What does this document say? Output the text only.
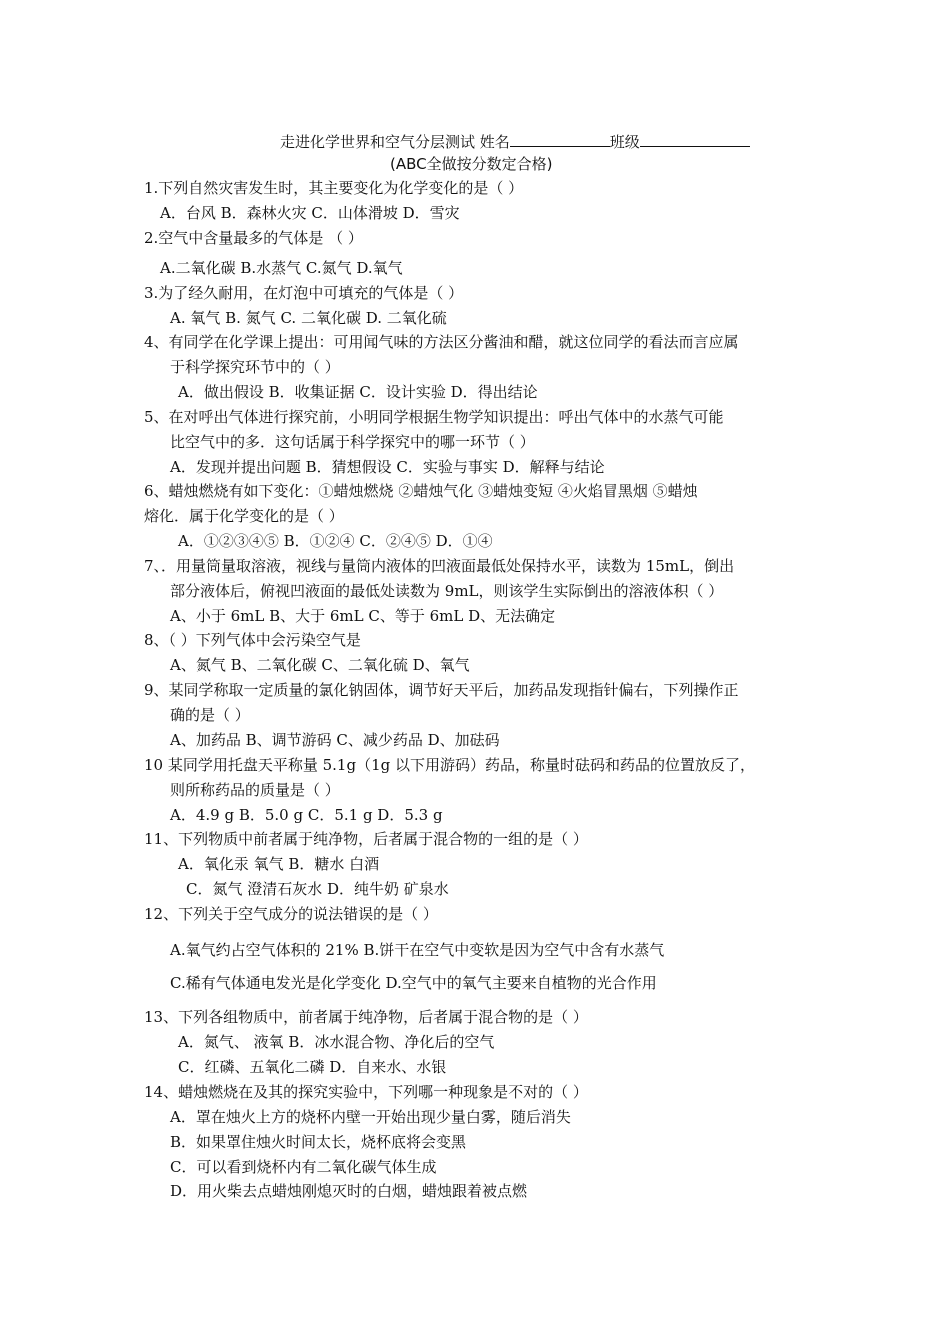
走进化学世界和空气分层测试 姓名	班级
(ABC全做按分数定合格)
1.下列自然灾害发生时，其主要变化为化学变化的是（ ）
A．台风 B．森林火灾 C．山体滑坡 D．雪灾
2.空气中含量最多的气体是 （ ）
A.二氧化碳 B.水蒸气 C.氮气 D.氧气
3.为了经久耐用，在灯泡中可填充的气体是（ ）
A. 氧气 B. 氮气 C. 二氧化碳 D. 二氧化硫
4、有同学在化学课上提出：可用闻气味的方法区分酱油和醋，就这位同学的看法而言应属
于科学探究环节中的（ ）
A．做出假设 B．收集证据 C．设计实验 D．得出结论
5、在对呼出气体进行探究前，小明同学根据生物学知识提出：呼出气体中的水蒸气可能
比空气中的多．这句话属于科学探究中的哪一环节（ ）
A．发现并提出问题 B．猜想假设 C．实验与事实 D．解释与结论
6、蜡烛燃烧有如下变化：①蜡烛燃烧 ②蜡烛气化 ③蜡烛变短 ④火焰冒黑烟 ⑤蜡烛
熔化．属于化学变化的是（ ）
A．①②③④⑤ B．①②④ C．②④⑤ D．①④
7、．用量筒量取溶液，视线与量筒内液体的凹液面最低处保持水平，读数为 15mL，倒出
部分液体后，俯视凹液面的最低处读数为 9mL，则该学生实际倒出的溶液体积（ ）
A、小于 6mL B、大于 6mL C、等于 6mL D、无法确定
8、（ ）下列气体中会污染空气是
A、氮气 B、二氧化碳 C、二氧化硫 D、氧气
9、某同学称取一定质量的氯化钠固体，调节好天平后，加药品发现指针偏右，下列操作正
确的是（ ）
A、加药品 B、调节游码 C、减少药品 D、加砝码
10 某同学用托盘天平称量 5.1g（1g 以下用游码）药品，称量时砝码和药品的位置放反了，
则所称药品的质量是（ ）
A．4.9 g B．5.0 g C．5.1 g D．5.3 g
11、下列物质中前者属于纯净物，后者属于混合物的一组的是（ ）
A．氧化汞 氧气 B．糖水 白酒
C．氮气 澄清石灰水 D．纯牛奶 矿泉水
12、下列关于空气成分的说法错误的是（ ）
A.氧气约占空气体积的 21% B.饼干在空气中变软是因为空气中含有水蒸气
C.稀有气体通电发光是化学变化 D.空气中的氧气主要来自植物的光合作用
13、下列各组物质中，前者属于纯净物，后者属于混合物的是（ ）
A．氮气、 液氧 B．冰水混合物、净化后的空气
C．红磷、五氧化二磷 D．自来水、水银
14、蜡烛燃烧在及其的探究实验中，下列哪一种现象是不对的（ ）
A．罩在烛火上方的烧杯内壁一开始出现少量白雾，随后消失
B．如果罩住烛火时间太长，烧杯底将会变黑
C．可以看到烧杯内有二氧化碳气体生成
D．用火柴去点蜡烛刚熄灭时的白烟，蜡烛跟着被点燃
